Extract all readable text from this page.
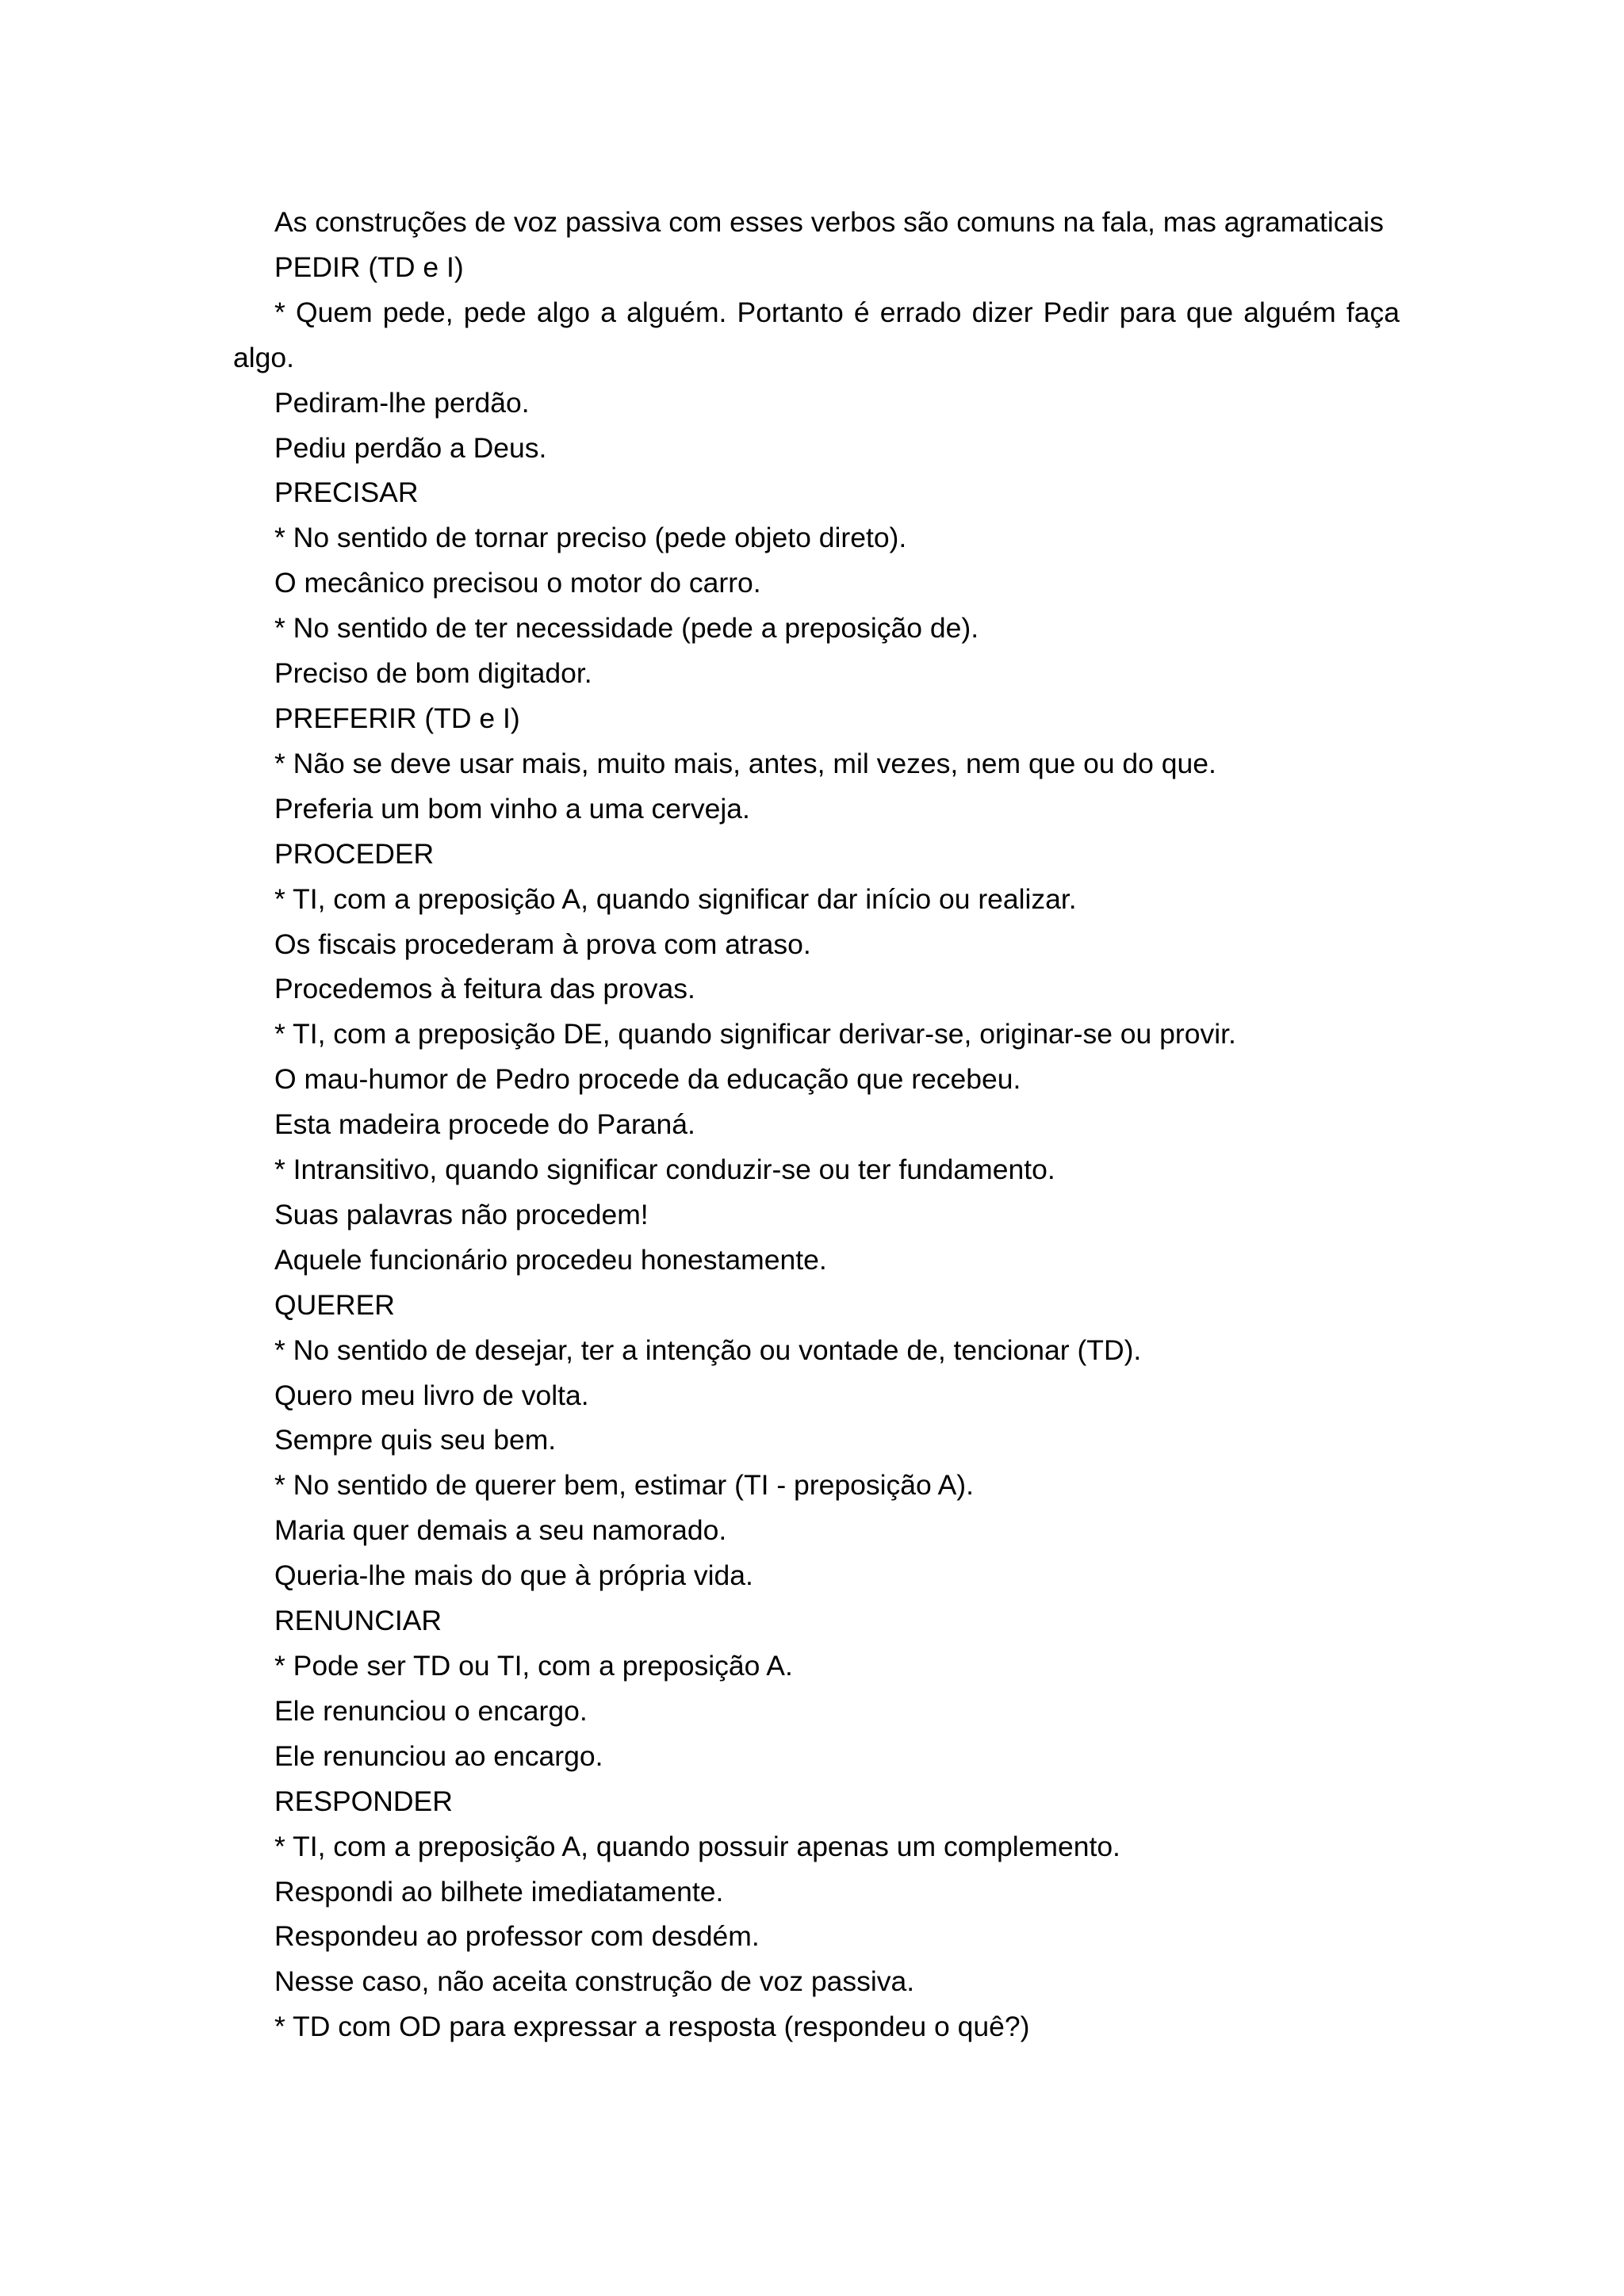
As construções de voz passiva com esses verbos são comuns na fala, mas agramaticais

PEDIR (TD e I)

* Quem pede, pede algo a alguém. Portanto é errado dizer Pedir para que alguém faça algo.

Pediram-lhe perdão.

Pediu perdão a Deus.

PRECISAR

* No sentido de tornar preciso (pede objeto direto).

O mecânico precisou o motor do carro.

* No sentido de ter necessidade (pede a preposição de).

Preciso de bom digitador.

PREFERIR (TD e I)

* Não se deve usar mais, muito mais, antes, mil vezes, nem que ou do que.

Preferia um bom vinho a uma cerveja.

PROCEDER

* TI, com a preposição A, quando significar dar início ou realizar.

Os fiscais procederam à prova com atraso.

Procedemos à feitura das provas.

* TI, com a preposição DE, quando significar derivar-se, originar-se ou provir.

O mau-humor de Pedro procede da educação que recebeu.

Esta madeira procede do Paraná.

* Intransitivo, quando significar conduzir-se ou ter fundamento.

Suas palavras não procedem!

Aquele funcionário procedeu honestamente.

QUERER

* No sentido de desejar, ter a intenção ou vontade de, tencionar (TD).

Quero meu livro de volta.

Sempre quis seu bem.

* No sentido de querer bem, estimar (TI - preposição A).

Maria quer demais a seu namorado.

Queria-lhe mais do que à própria vida.

RENUNCIAR

* Pode ser TD ou TI, com a preposição A.

Ele renunciou o encargo.

Ele renunciou ao encargo.

RESPONDER

* TI, com a preposição A, quando possuir apenas um complemento.

Respondi ao bilhete imediatamente.

Respondeu ao professor com desdém.

Nesse caso, não aceita construção de voz passiva.

* TD com OD para expressar a resposta (respondeu o quê?)
